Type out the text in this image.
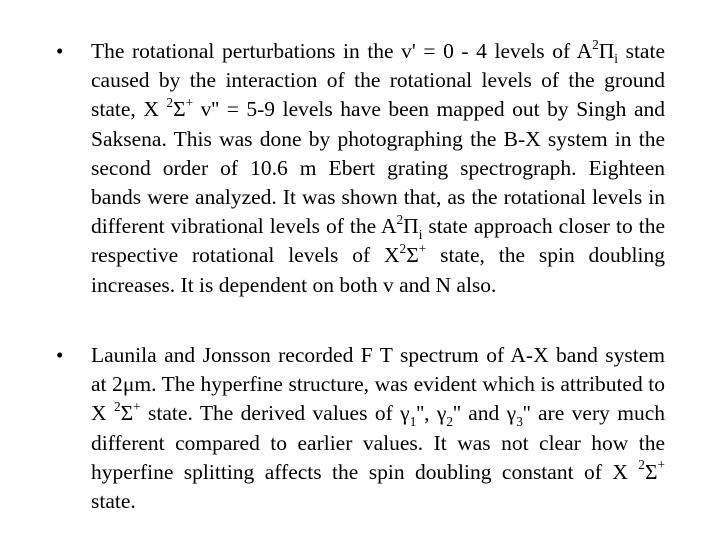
• The rotational perturbations in the v' = 0 - 4 levels of $A^2\Pi_i$ state caused by the interaction of the rotational levels of the ground state, X $^2$Σ+ v'' = 5-9 levels have been mapped out by Singh and Saksena. This was done by photographing the B-X system in the second order of 10.6 m Ebert grating spectrograph. Eighteen bands were analyzed. It was shown that, as the rotational levels in different vibrational levels of the $A^2\Pi_i$ state approach closer to the respective rotational levels of $X^2\Sigma^+$ state, the spin doubling increases. It is dependent on both v and N also.
• Launila and Jonsson recorded F T spectrum of A-X band system at 2μm. The hyperfine structure, was evident which is attributed to X $^2$Σ+ state. The derived values of $\gamma_1''$, $\gamma_2''$ and $\gamma_3''$ are very much different compared to earlier values. It was not clear how the hyperfine splitting affects the spin doubling constant of X $^2$Σ+ state.
